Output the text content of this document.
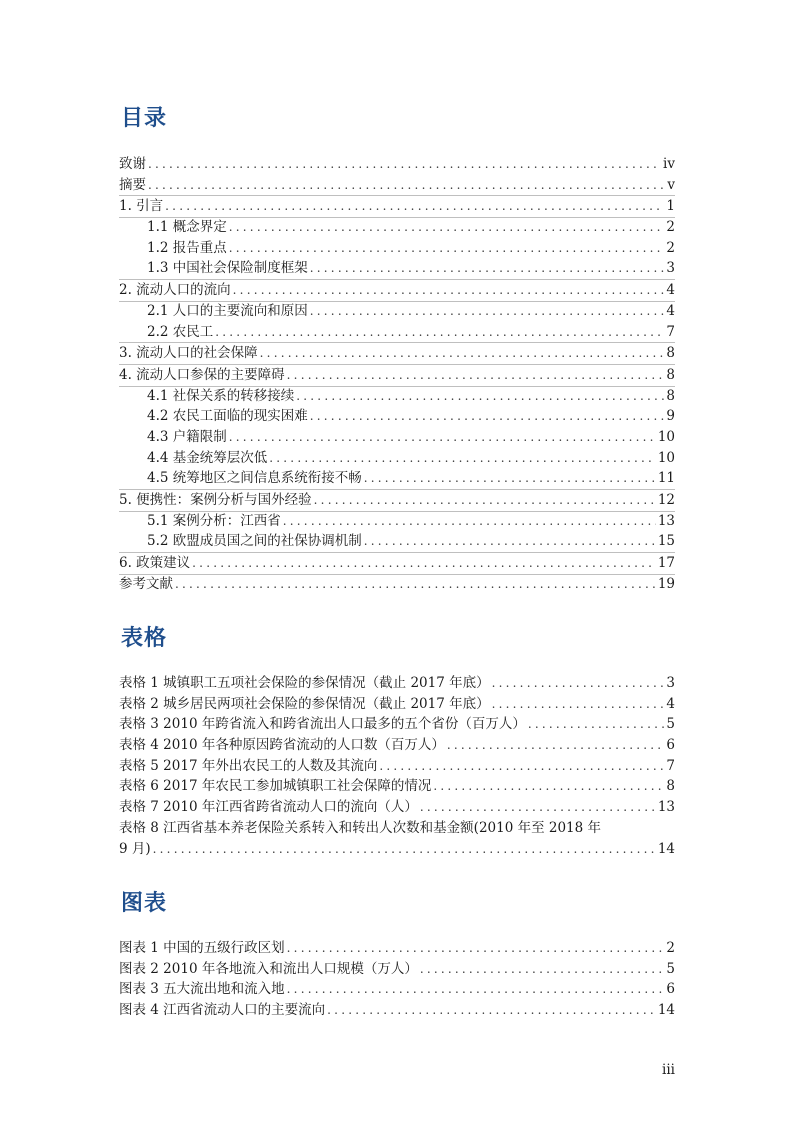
目录
致谢 .....	iv
摘要 .....	v
1. 引言 .....	1
1.1 概念界定 .....	2
1.2 报告重点 .....	2
1.3 中国社会保险制度框架 .....	3
2. 流动人口的流向 .....	4
2.1 人口的主要流向和原因 .....	4
2.2 农民工 .....	7
3. 流动人口的社会保障 .....	8
4. 流动人口参保的主要障碍 .....	8
4.1 社保关系的转移接续 .....	8
4.2 农民工面临的现实困难 .....	9
4.3 户籍限制 .....	10
4.4 基金统筹层次低 .....	10
4.5 统筹地区之间信息系统衔接不畅 .....	11
5. 便携性：案例分析与国外经验 .....	12
5.1 案例分析：江西省 .....	13
5.2 欧盟成员国之间的社保协调机制 .....	15
6. 政策建议 .....	17
参考文献 .....	19
表格
表格 1 城镇职工五项社会保险的参保情况（截止 2017 年底） .....	3
表格 2 城乡居民两项社会保险的参保情况（截止 2017 年底） .....	4
表格 3 2010 年跨省流入和跨省流出人口最多的五个省份（百万人） .....	5
表格 4 2010 年各种原因跨省流动的人口数（百万人） .....	6
表格 5 2017 年外出农民工的人数及其流向 .....	7
表格 6 2017 年农民工参加城镇职工社会保障的情况 .....	8
表格 7 2010 年江西省跨省流动人口的流向（人） .....	13
表格 8 江西省基本养老保险关系转入和转出人次数和基金额(2010 年至 2018 年
9 月) .....	14
图表
图表 1 中国的五级行政区划 .....	2
图表 2 2010 年各地流入和流出人口规模（万人） .....	5
图表 3 五大流出地和流入地 .....	6
图表 4 江西省流动人口的主要流向 .....	14
iii
